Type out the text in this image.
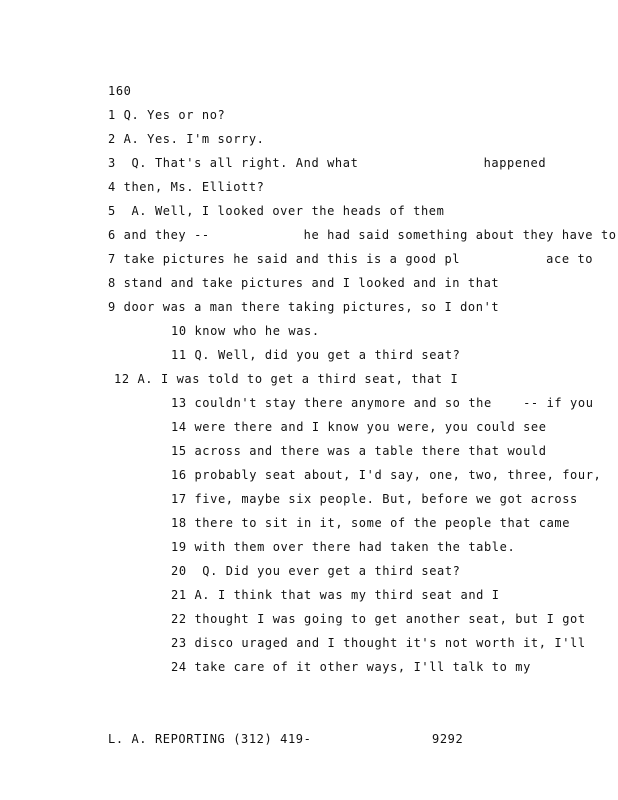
160
1 Q. Yes or no?
2 A. Yes. I'm sorry.
3  Q. That's all right. And what                happened
4 then, Ms. Elliott?
5  A. Well, I looked over the heads of them
6 and they --            he had said something about they have to
7 take pictures he said and this is a good pl           ace to
8 stand and take pictures and I looked and in that
9 door was a man there taking pictures, so I don't
10 know who he was.
11 Q. Well, did you get a third seat?
12 A. I was told to get a third seat, that I
13 couldn't stay there anymore and so the    -- if you
14 were there and I know you were, you could see
15 across and there was a table there that would
16 probably seat about, I'd say, one, two, three, four,
17 five, maybe six people. But, before we got across
18 there to sit in it, some of the people that came
19 with them over there had taken the table.
20  Q. Did you ever get a third seat?
21 A. I think that was my third seat and I
22 thought I was going to get another seat, but I got
23 disco uraged and I thought it's not worth it, I'll
24 take care of it other ways, I'll talk to my
L. A. REPORTING (312) 419-	9292
